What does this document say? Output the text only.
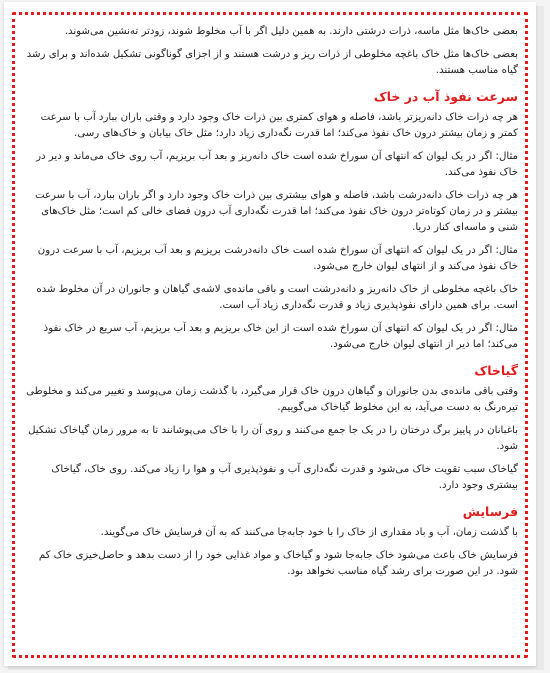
بعضی خاک‌ها مثل ماسه، ذرات درشتی دارند. به همین دلیل اگر با آب مخلوط شوند، زودتر ته‌نشین می‌شوند.

بعضی خاک‌ها مثل خاک باغچه مخلوطی از ذرات ریز و درشت هستند و از اجزای گوناگونی تشکیل شده‌اند و برای رشد گیاه مناسب هستند.

سرعت نفوذ آب در خاک

هر چه ذرات خاک دانه‌ریزتر باشد، فاصله و هوای کمتری بین ذرات خاک وجود دارد و وقتی باران ببارد آب با سرعت کمتر و زمان بیشتر درون خاک نفوذ می‌کند؛ اما قدرت نگه‌داری زیاد دارد؛ مثل خاک بیابان و خاک‌های رسی.

مثال: اگر در یک لیوان که انتهای آن سوراخ شده است خاک دانه‌ریز و بعد آب بریزیم، آب روی خاک می‌ماند و دیر در خاک نفوذ می‌کند.

هر چه ذرات خاک دانه‌درشت باشد، فاصله و هوای بیشتری بین ذرات خاک وجود دارد و اگر باران ببارد، آب با سرعت بیشتر و در زمان کوتاه‌تر درون خاک نفوذ می‌کند؛ اما قدرت نگه‌داری آب درون فضای خالی کم است؛ مثل خاک‌های شنی و ماسه‌ای کنار دریا.

مثال: اگر در یک لیوان که انتهای آن سوراخ شده است خاک دانه‌درشت بریزیم و بعد آب بریزیم، آب با سرعت درون خاک نفوذ می‌کند و از انتهای لیوان خارج می‌شود.

خاک باغچه مخلوطی از خاک دانه‌ریز و دانه‌درشت است و باقی مانده‌ی لاشه‌ی گیاهان و جانوران در آن مخلوط شده است. برای همین دارای نفوذپذیری زیاد و قدرت نگه‌داری زیاد آب است.

مثال: اگر در یک لیوان که انتهای آن سوراخ شده است از این خاک بریزیم و بعد آب بریزیم، آب سریع در خاک نفوذ می‌کند؛ اما دیر از انتهای لیوان خارج می‌شود.

گیاخاک

وقتی باقی مانده‌ی بدن جانوران و گیاهان درون خاک قرار می‌گیرد، با گذشت زمان می‌پوسد و تغییر می‌کند و مخلوطی تیره‌رنگ به دست می‌آید، به این مخلوط گیاخاک می‌گوییم.

باغبانان در پاییز برگ درختان را در یک جا جمع می‌کنند و روی آن را با خاک می‌پوشانند تا به مرور زمان گیاخاک تشکیل شود.

گیاخاک سبب تقویت خاک می‌شود و قدرت نگه‌داری آب و نفوذپذیری آب و هوا را زیاد می‌کند. روی خاک، گیاخاک بیشتری وجود دارد.

فرسایش

با گذشت زمان، آب و باد مقداری از خاک را با خود جابه‌جا می‌کنند که به آن فرسایش خاک می‌گویند.

فرسایش خاک باعث می‌شود خاک جابه‌جا شود و گیاخاک و مواد غذایی خود را از دست بدهد و حاصل‌خیزی خاک کم شود. در این صورت برای رشد گیاه مناسب نخواهد بود.
